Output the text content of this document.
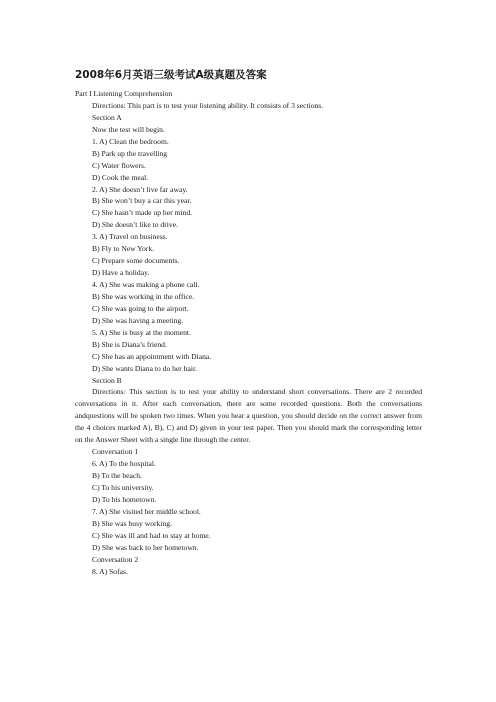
2008年6月英语三级考试A级真题及答案
Part I Listening Comprehension
Directions: This part is to test your listening ability. It consists of 3 sections.
Section A
Now the test will begin.
1. A) Clean the bedroom.
B) Park up the travelling
C) Water flowers.
D) Cook the meal.
2. A) She doesn’t live far away.
B) She won’t buy a car this year.
C) She hasn’t made up her mind.
D) She doesn’t like to drive.
3. A) Travel on business.
B) Fly to New York.
C) Prepare some documents.
D) Have a holiday.
4. A) She was making a phone call.
B) She was working in the office.
C) She was going to the airport.
D) She was having a meeting.
5. A) She is busy at the moment.
B) She is Diana’s friend.
C) She has an appointment with Diana.
D) She wants Diana to do her hair.
Section B
Directions: This section is to test your ability to understand short conversations. There are 2 recorded conversations in it. After each conversation, there are some recorded questions. Both the conversations andquestions will be spoken two times. When you hear a question, you should decide on the correct answer from the 4 choices marked A), B), C) and D) given in your test paper. Then you should mark the corresponding letter on the Answer Sheet with a single line through the center.
Conversation 1
6. A) To the hospital.
B) To the beach.
C) To his university.
D) To his hometown.
7. A) She visited her middle school.
B) She was busy working.
C) She was ill and had to stay at home.
D) She was back to her hometown.
Conversation 2
8. A) Sofas.
